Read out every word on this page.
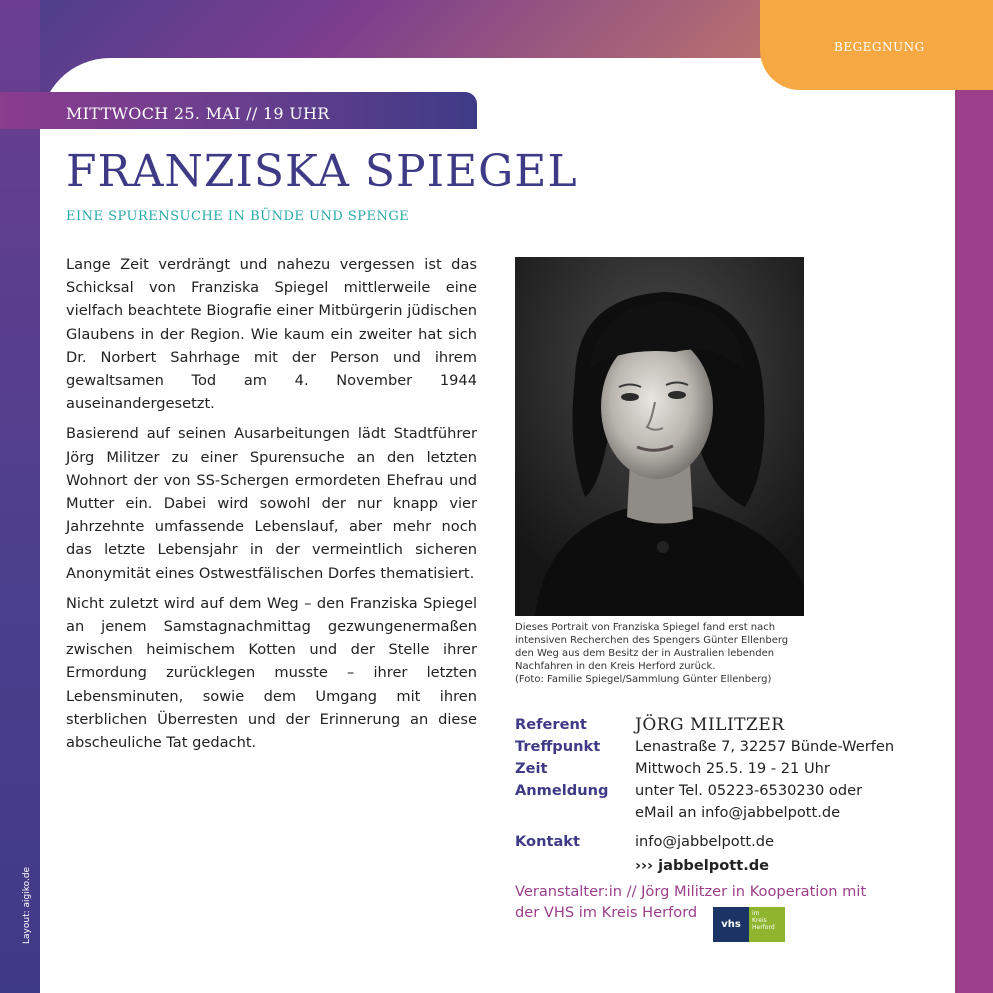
BEGEGNUNG
MITTWOCH 25. MAI // 19 UHR
FRANZISKA SPIEGEL
EINE SPURENSUCHE IN BÜNDE UND SPENGE

Lange Zeit verdrängt und nahezu vergessen ist das Schicksal von Franziska Spiegel mittlerweile eine vielfach beachtete Biografie einer Mitbürgerin jüdischen Glaubens in der Region. Wie kaum ein zweiter hat sich Dr. Norbert Sahrhage mit der Person und ihrem gewaltsamen Tod am 4. November 1944 auseinandergesetzt.

Basierend auf seinen Ausarbeitungen lädt Stadtführer Jörg Militzer zu einer Spurensuche an den letzten Wohnort der von SS-Schergen ermordeten Ehefrau und Mutter ein. Dabei wird sowohl der nur knapp vier Jahrzehnte umfassende Lebenslauf, aber mehr noch das letzte Lebensjahr in der vermeintlich sicheren Anonymität eines Ostwestfälischen Dorfes thematisiert.

Nicht zuletzt wird auf dem Weg – den Franziska Spiegel an jenem Samstagnachmittag gezwungenermaßen zwischen heimischem Kotten und der Stelle ihrer Ermordung zurücklegen musste – ihrer letzten Lebensminuten, sowie dem Umgang mit ihren sterblichen Überresten und der Erinnerung an diese abscheuliche Tat gedacht.

Dieses Portrait von Franziska Spiegel fand erst nach
intensiven Recherchen des Spengers Günter Ellenberg
den Weg aus dem Besitz der in Australien lebenden
Nachfahren in den Kreis Herford zurück.
(Foto: Familie Spiegel/Sammlung Günter Ellenberg)
Referent	JÖRG MILITZER
Treffpunkt	Lenastraße 7, 32257 Bünde-Werfen
Zeit	Mittwoch 25.5. 19 - 21 Uhr
Anmeldung	unter Tel. 05223-6530230 oder
eMail an info@jabbelpott.de
Kontakt	info@jabbelpott.de
››› jabbelpott.de
Veranstalter:in // Jörg Militzer in Kooperation mit
der VHS im Kreis Herford
vhs
im
Kreis
Herford
Layout: aigiko.de
